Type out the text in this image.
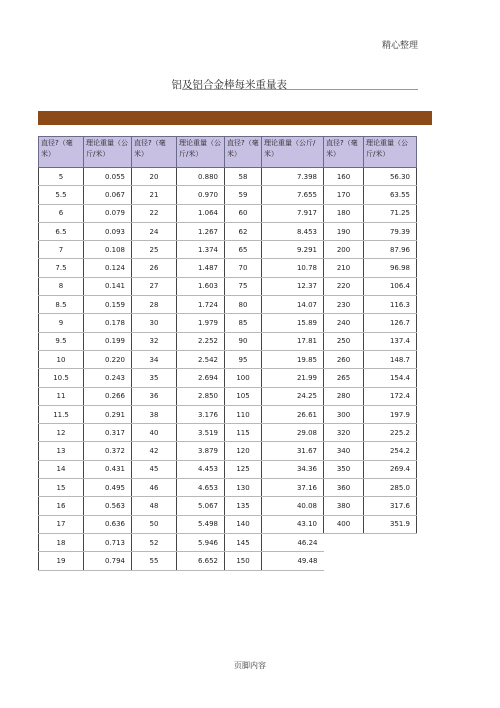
精心整理
铝及铝合金棒每米重量表
直径?（毫米）	理论重量（公斤/米）	直径?（毫米）	理论重量（公斤/米）	直径?（毫米）	理论重量（公斤/米）	直径?（毫米）	理论重量（公斤/米）
5	0.055	20	0.880	58	7.398	160	56.30
5.5	0.067	21	0.970	59	7.655	170	63.55
6	0.079	22	1.064	60	7.917	180	71.25
6.5	0.093	24	1.267	62	8.453	190	79.39
7	0.108	25	1.374	65	9.291	200	87.96
7.5	0.124	26	1.487	70	10.78	210	96.98
8	0.141	27	1.603	75	12.37	220	106.4
8.5	0.159	28	1.724	80	14.07	230	116.3
9	0.178	30	1.979	85	15.89	240	126.7
9.5	0.199	32	2.252	90	17.81	250	137.4
10	0.220	34	2.542	95	19.85	260	148.7
10.5	0.243	35	2.694	100	21.99	265	154.4
11	0.266	36	2.850	105	24.25	280	172.4
11.5	0.291	38	3.176	110	26.61	300	197.9
12	0.317	40	3.519	115	29.08	320	225.2
13	0.372	42	3.879	120	31.67	340	254.2
14	0.431	45	4.453	125	34.36	350	269.4
15	0.495	46	4.653	130	37.16	360	285.0
16	0.563	48	5.067	135	40.08	380	317.6
17	0.636	50	5.498	140	43.10	400	351.9
18	0.713	52	5.946	145	46.24		
19	0.794	55	6.652	150	49.48		
页脚内容
